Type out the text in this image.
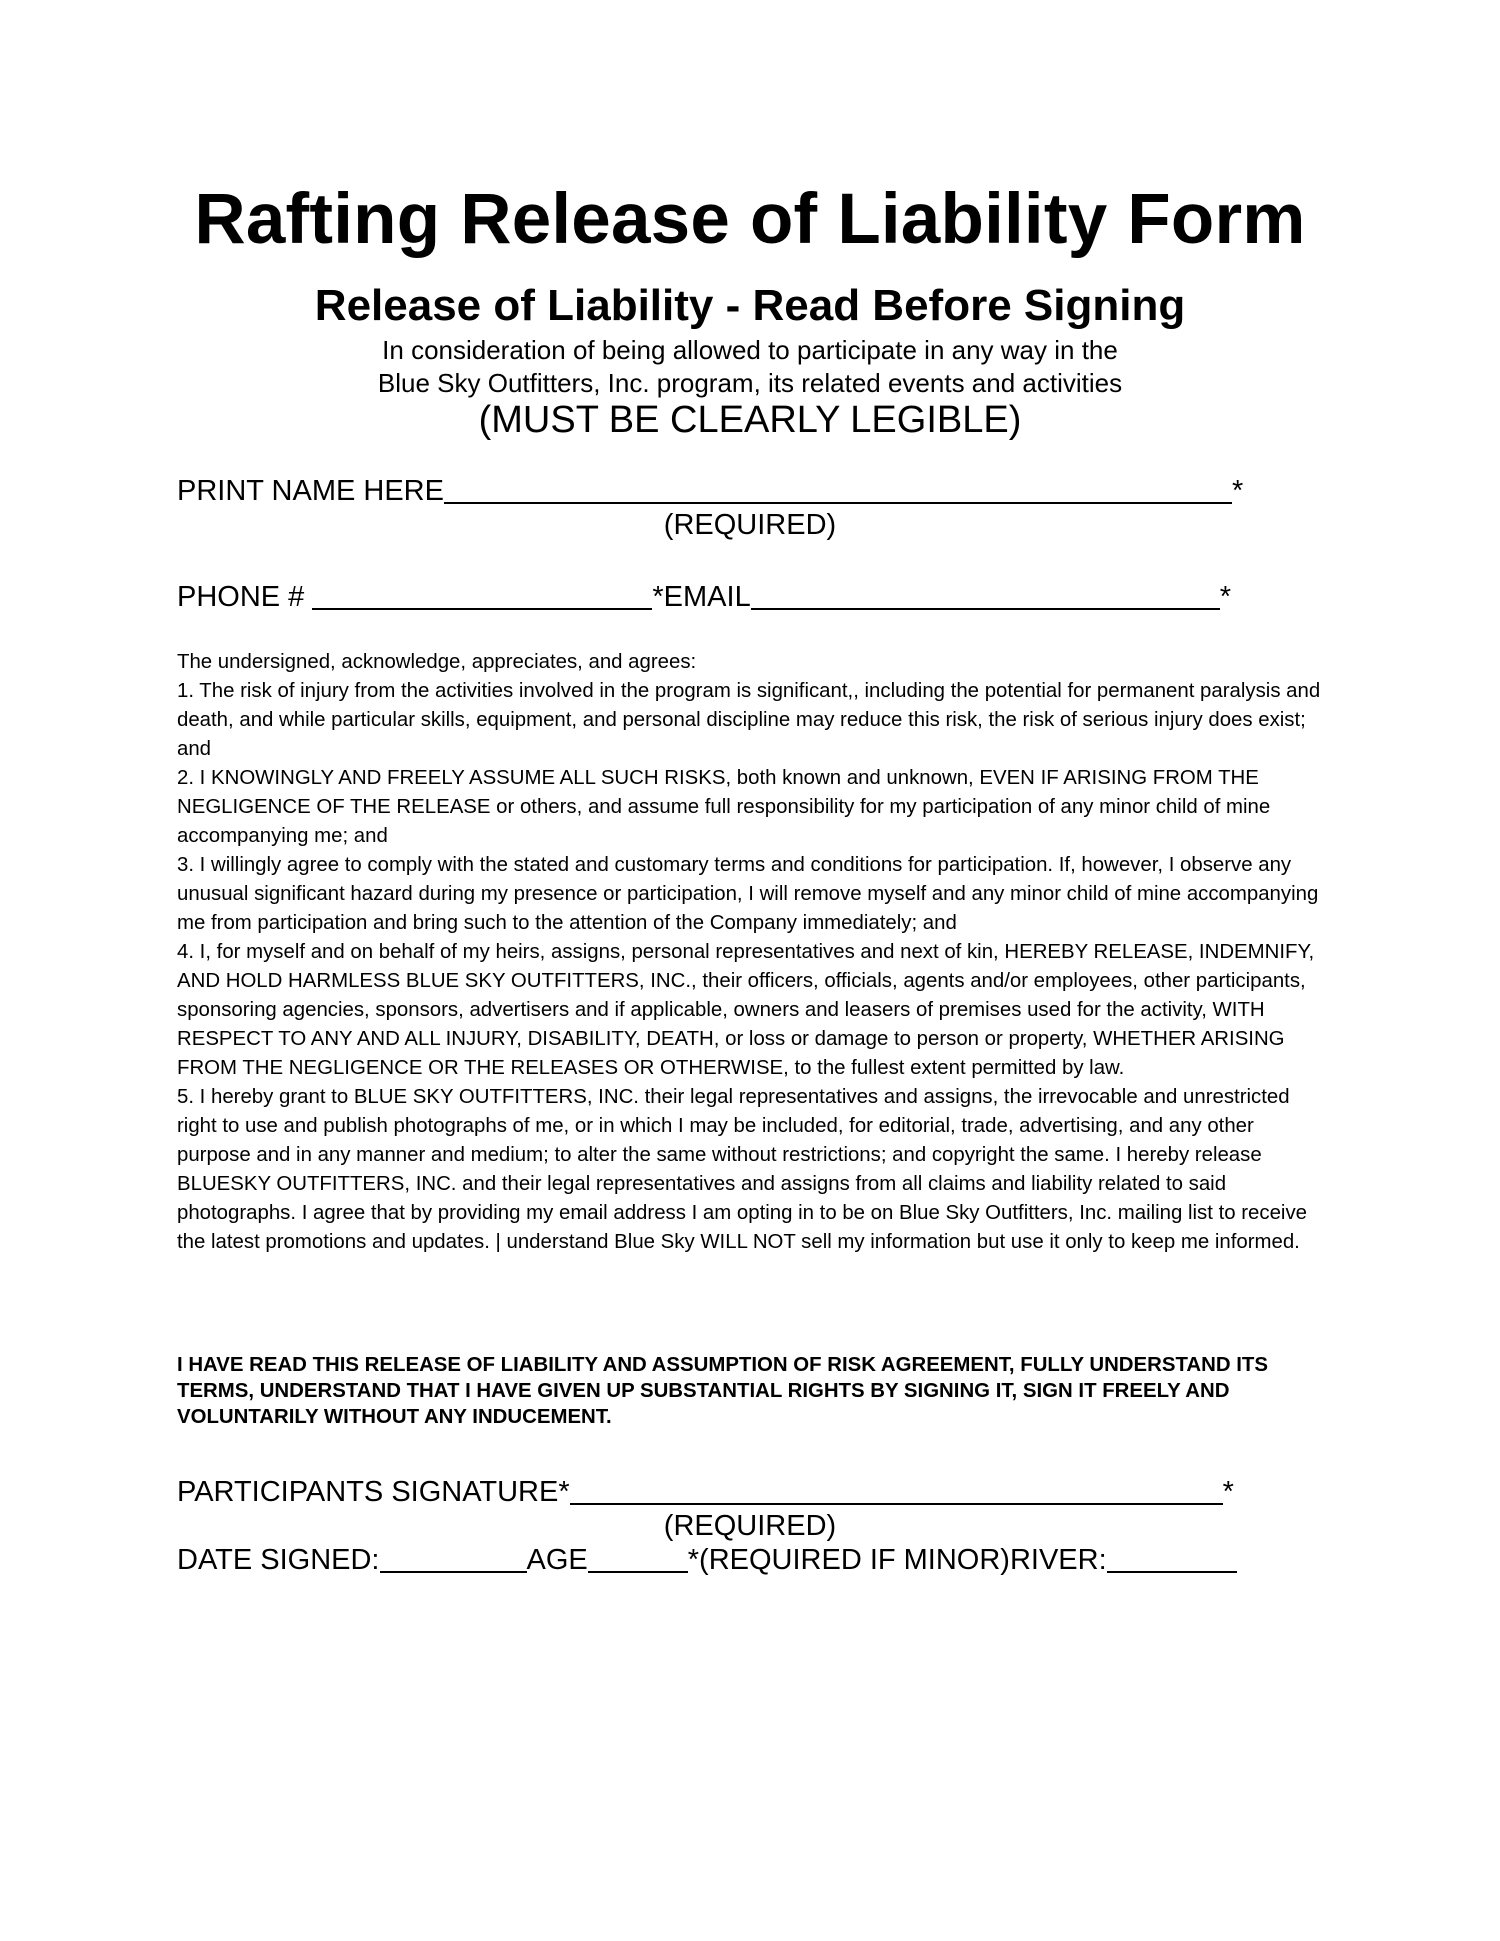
Rafting Release of Liability Form
Release of Liability - Read Before Signing
In consideration of being allowed to participate in any way in the
Blue Sky Outfitters, Inc. program, its related events and activities
(MUST BE CLEARLY LEGIBLE)
PRINT NAME HERE	*
(REQUIRED)
PHONE #	*EMAIL	*

The undersigned, acknowledge, appreciates, and agrees:

1. The risk of injury from the activities involved in the program is significant,, including the potential for permanent paralysis and death, and while particular skills, equipment, and personal discipline may reduce this risk, the risk of serious injury does exist; and

2. I KNOWINGLY AND FREELY ASSUME ALL SUCH RISKS, both known and unknown, EVEN IF ARISING FROM THE NEGLIGENCE OF THE RELEASE or others, and assume full responsibility for my participation of any minor child of mine accompanying me; and

3. I willingly agree to comply with the stated and customary terms and conditions for participation. If, however, I observe any unusual significant hazard during my presence or participation, I will remove myself and any minor child of mine accompanying me from participation and bring such to the attention of the Company immediately; and

4. I, for myself and on behalf of my heirs, assigns, personal representatives and next of kin, HEREBY RELEASE, INDEMNIFY, AND HOLD HARMLESS BLUE SKY OUTFITTERS, INC., their officers, officials, agents and/or employees, other participants, sponsoring agencies, sponsors, advertisers and if applicable, owners and leasers of premises used for the activity, WITH RESPECT TO ANY AND ALL INJURY, DISABILITY, DEATH, or loss or damage to person or property, WHETHER ARISING FROM THE NEGLIGENCE OR THE RELEASES OR OTHERWISE, to the fullest extent permitted by law.

5. I hereby grant to BLUE SKY OUTFITTERS, INC. their legal representatives and assigns, the irrevocable and unrestricted right to use and publish photographs of me, or in which I may be included, for editorial, trade, advertising, and any other purpose and in any manner and medium; to alter the same without restrictions; and copyright the same. I hereby release BLUESKY OUTFITTERS, INC. and their legal representatives and assigns from all claims and liability related to said photographs. I agree that by providing my email address I am opting in to be on Blue Sky Outfitters, Inc. mailing list to receive the latest promotions and updates. | understand Blue Sky WILL NOT sell my information but use it only to keep me informed.

I HAVE READ THIS RELEASE OF LIABILITY AND ASSUMPTION OF RISK AGREEMENT, FULLY UNDERSTAND ITS TERMS, UNDERSTAND THAT I HAVE GIVEN UP SUBSTANTIAL RIGHTS BY SIGNING IT, SIGN IT FREELY AND VOLUNTARILY WITHOUT ANY INDUCEMENT.
PARTICIPANTS SIGNATURE*	*
(REQUIRED)
DATE SIGNED:	AGE	*(REQUIRED IF MINOR)RIVER:
